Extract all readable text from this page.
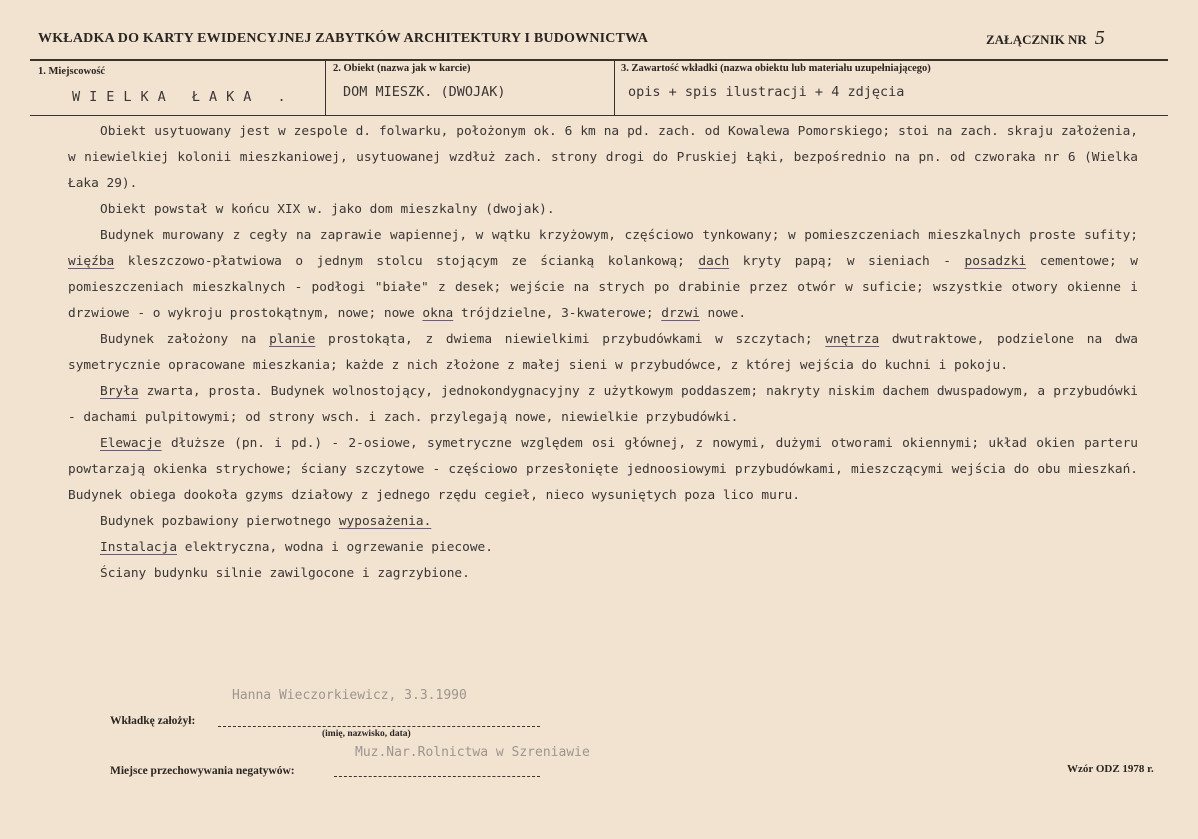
WKŁADKA DO KARTY EWIDENCYJNEJ ZABYTKÓW ARCHITEKTURY I BUDOWNICTWA	ZAŁĄCZNIK NR 5
1. Miejscowość
WIELKA ŁAKA .
2. Obiekt (nazwa jak w karcie)
DOM MIESZK. (DWOJAK)
3. Zawartość wkładki (nazwa obiektu lub materiału uzupełniającego)
opis + spis ilustracji + 4 zdjęcia

Obiekt usytuowany jest w zespole d. folwarku, położonym ok. 6 km na pd. zach. od Kowalewa Pomorskiego; stoi na zach. skraju założenia, w niewielkiej kolonii mieszkaniowej, usytuowanej wzdłuż zach. strony drogi do Pruskiej Łąki, bezpośrednio na pn. od czworaka nr 6 (Wielka Łaka 29).

Obiekt powstał w końcu XIX w. jako dom mieszkalny (dwojak).

Budynek murowany z cegły na zaprawie wapiennej, w wątku krzyżowym, częściowo tynkowany; w pomieszczeniach mieszkalnych proste sufity; więźba kleszczowo-płatwiowa o jednym stolcu stojącym ze ścianką kolankową; dach kryty papą; w sieniach - posadzki cementowe; w pomieszczeniach mieszkalnych - podłogi "białe" z desek; wejście na strych po drabinie przez otwór w suficie; wszystkie otwory okienne i drzwiowe - o wykroju prostokątnym, nowe; nowe okna trójdzielne, 3-kwaterowe; drzwi nowe.

Budynek założony na planie prostokąta, z dwiema niewielkimi przybudówkami w szczytach; wnętrza dwutraktowe, podzielone na dwa symetrycznie opracowane mieszkania; każde z nich złożone z małej sieni w przybudówce, z której wejścia do kuchni i pokoju.

Bryła zwarta, prosta. Budynek wolnostojący, jednokondygnacyjny z użytkowym poddaszem; nakryty niskim dachem dwuspadowym, a przybudówki - dachami pulpitowymi; od strony wsch. i zach. przylegają nowe, niewielkie przybudówki.

Elewacje dłuższe (pn. i pd.) - 2-osiowe, symetryczne względem osi głównej, z nowymi, dużymi otworami okiennymi; układ okien parteru powtarzają okienka strychowe; ściany szczytowe - częściowo przesłonięte jednoosiowymi przybudówkami, mieszczącymi wejścia do obu mieszkań. Budynek obiega dookoła gzyms działowy z jednego rzędu cegieł, nieco wysuniętych poza lico muru.

Budynek pozbawiony pierwotnego wyposażenia.

Instalacja elektryczna, wodna i ogrzewanie piecowe.

Ściany budynku silnie zawilgocone i zagrzybione.

Hanna Wieczorkiewicz, 3.3.1990
Wkładkę założył:
(imię, nazwisko, data)
Muz.Nar.Rolnictwa w Szreniawie
Miejsce przechowywania negatywów:	Wzór ODZ 1978 r.
